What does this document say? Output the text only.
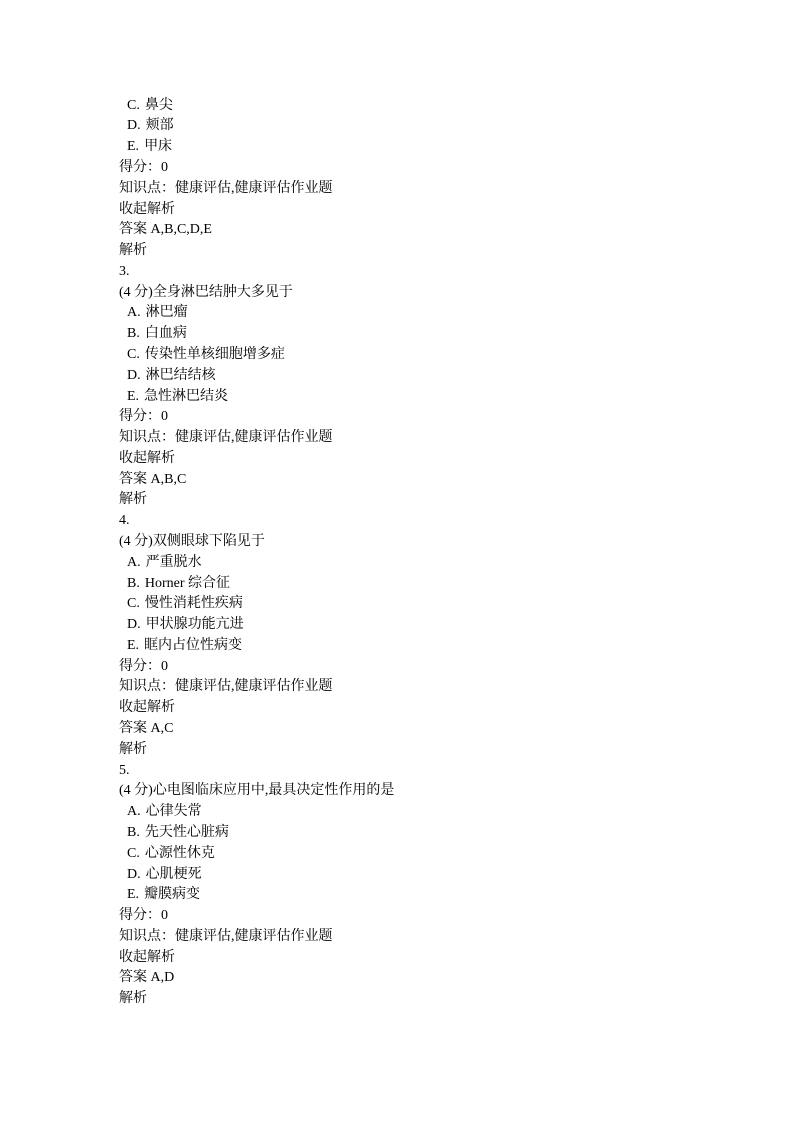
C. 鼻尖
D. 颊部
E. 甲床
得分：0
知识点：健康评估,健康评估作业题
收起解析
答案 A,B,C,D,E
解析
3.
(4 分)全身淋巴结肿大多见于
A. 淋巴瘤
B. 白血病
C. 传染性单核细胞增多症
D. 淋巴结结核
E. 急性淋巴结炎
得分：0
知识点：健康评估,健康评估作业题
收起解析
答案 A,B,C
解析
4.
(4 分)双侧眼球下陷见于
A. 严重脱水
B. Horner 综合征
C. 慢性消耗性疾病
D. 甲状腺功能亢进
E. 眶内占位性病变
得分：0
知识点：健康评估,健康评估作业题
收起解析
答案 A,C
解析
5.
(4 分)心电图临床应用中,最具决定性作用的是
A. 心律失常
B. 先天性心脏病
C. 心源性休克
D. 心肌梗死
E. 瓣膜病变
得分：0
知识点：健康评估,健康评估作业题
收起解析
答案 A,D
解析
